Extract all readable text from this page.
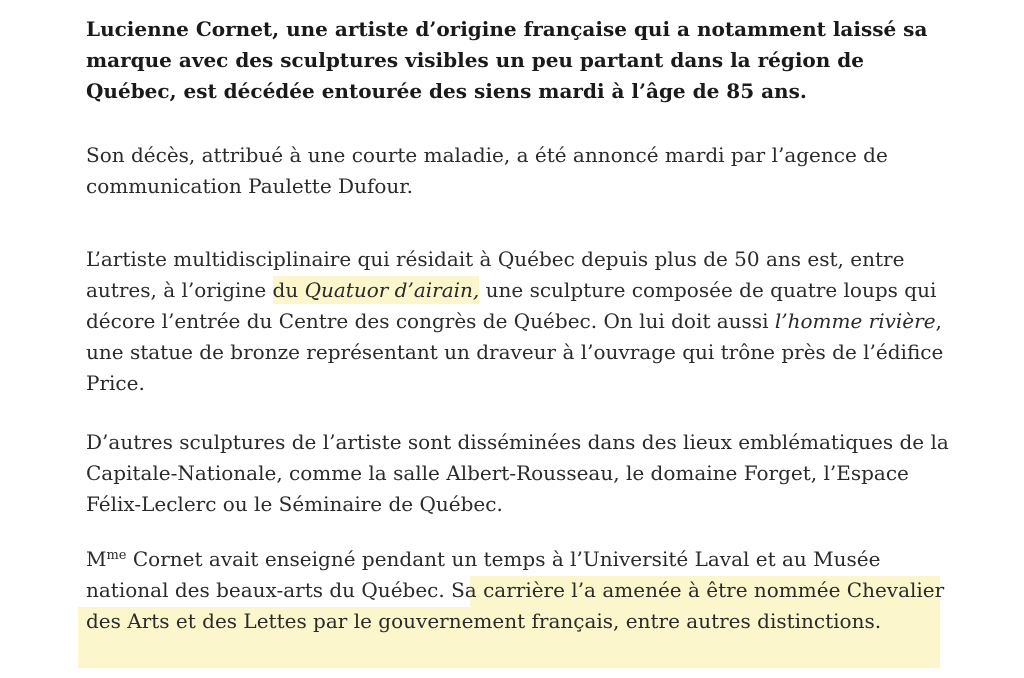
Lucienne Cornet, une artiste d’origine française qui a notamment laissé sa marque avec des sculptures visibles un peu partant dans la région de Québec, est décédée entourée des siens mardi à l’âge de 85 ans.

Son décès, attribué à une courte maladie, a été annoncé mardi par l’agence de communication Paulette Dufour.

L’artiste multidisciplinaire qui résidait à Québec depuis plus de 50 ans est, entre autres, à l’origine du Quatuor d’airain, une sculpture composée de quatre loups qui décore l’entrée du Centre des congrès de Québec. On lui doit aussi l’homme rivière, une statue de bronze représentant un draveur à l’ouvrage qui trône près de l’édifice Price.

D’autres sculptures de l’artiste sont disséminées dans des lieux emblématiques de la Capitale-Nationale, comme la salle Albert-Rousseau, le domaine Forget, l’Espace Félix-Leclerc ou le Séminaire de Québec.

$M^{me}$ Cornet avait enseigné pendant un temps à l’Université Laval et au Musée national des beaux-arts du Québec. Sa carrière l’a amenée à être nommée Chevalier des Arts et des Lettes par le gouvernement français, entre autres distinctions.
